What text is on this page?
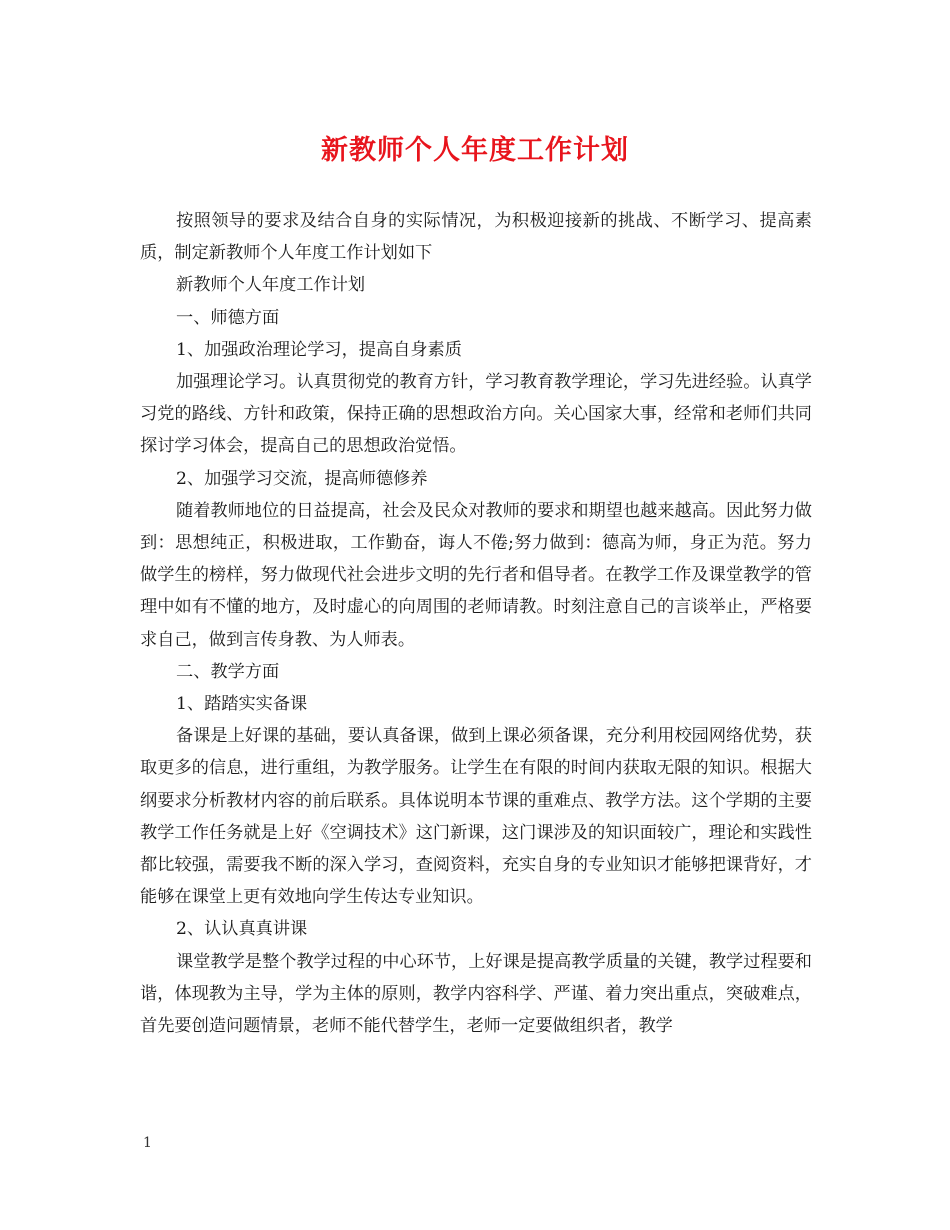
新教师个人年度工作计划

按照领导的要求及结合自身的实际情况，为积极迎接新的挑战、不断学习、提高素质，制定新教师个人年度工作计划如下

新教师个人年度工作计划

一、师德方面

1、加强政治理论学习，提高自身素质

加强理论学习。认真贯彻党的教育方针，学习教育教学理论，学习先进经验。认真学习党的路线、方针和政策，保持正确的思想政治方向。关心国家大事，经常和老师们共同探讨学习体会，提高自己的思想政治觉悟。

2、加强学习交流，提高师德修养

随着教师地位的日益提高，社会及民众对教师的要求和期望也越来越高。因此努力做到：思想纯正，积极进取，工作勤奋，诲人不倦;努力做到：德高为师，身正为范。努力做学生的榜样，努力做现代社会进步文明的先行者和倡导者。在教学工作及课堂教学的管理中如有不懂的地方，及时虚心的向周围的老师请教。时刻注意自己的言谈举止，严格要求自己，做到言传身教、为人师表。

二、教学方面

1、踏踏实实备课

备课是上好课的基础，要认真备课，做到上课必须备课，充分利用校园网络优势，获取更多的信息，进行重组，为教学服务。让学生在有限的时间内获取无限的知识。根据大纲要求分析教材内容的前后联系。具体说明本节课的重难点、教学方法。这个学期的主要教学工作任务就是上好《空调技术》这门新课，这门课涉及的知识面较广，理论和实践性都比较强，需要我不断的深入学习，查阅资料，充实自身的专业知识才能够把课背好，才能够在课堂上更有效地向学生传达专业知识。

2、认认真真讲课

课堂教学是整个教学过程的中心环节，上好课是提高教学质量的关键，教学过程要和谐，体现教为主导，学为主体的原则，教学内容科学、严谨、着力突出重点，突破难点，首先要创造问题情景，老师不能代替学生，老师一定要做组织者，教学

1
